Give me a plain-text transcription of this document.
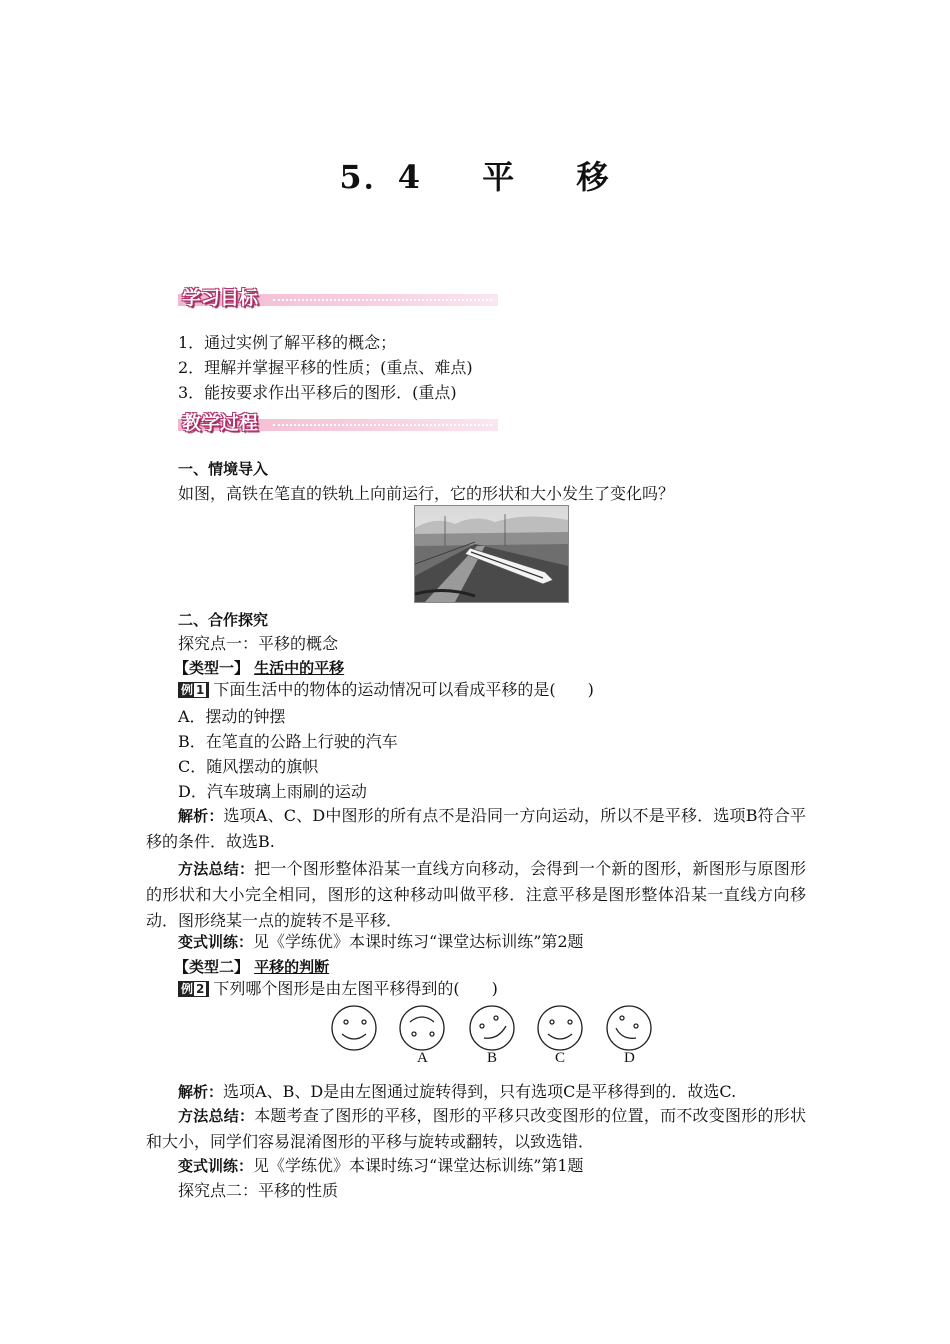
5．4 平 移
学习目标
1．通过实例了解平移的概念；
2．理解并掌握平移的性质；(重点、难点)
3．能按要求作出平移后的图形．(重点)
教学过程
一、情境导入
如图，高铁在笔直的铁轨上向前运行，它的形状和大小发生了变化吗？
二、合作探究
探究点一：平移的概念
【类型一】 生活中的平移
例 1 下面生活中的物体的运动情况可以看成平移的是(　　)
A．摆动的钟摆
B．在笔直的公路上行驶的汽车
C．随风摆动的旗帜
D．汽车玻璃上雨刷的运动
解析：选项A、C、D中图形的所有点不是沿同一方向运动，所以不是平移．选项B符合平移的条件．故选B.
方法总结：把一个图形整体沿某一直线方向移动，会得到一个新的图形，新图形与原图形的形状和大小完全相同，图形的这种移动叫做平移．注意平移是图形整体沿某一直线方向移动．图形绕某一点的旋转不是平移．
变式训练：见《学练优》本课时练习“课堂达标训练”第2题
【类型二】 平移的判断
例 2 下列哪个图形是由左图平移得到的(　　)
A	B	C	D
解析：选项A、B、D是由左图通过旋转得到，只有选项C是平移得到的．故选C.
方法总结：本题考查了图形的平移，图形的平移只改变图形的位置，而不改变图形的形状和大小，同学们容易混淆图形的平移与旋转或翻转，以致选错．
变式训练：见《学练优》本课时练习“课堂达标训练”第1题
探究点二：平移的性质
